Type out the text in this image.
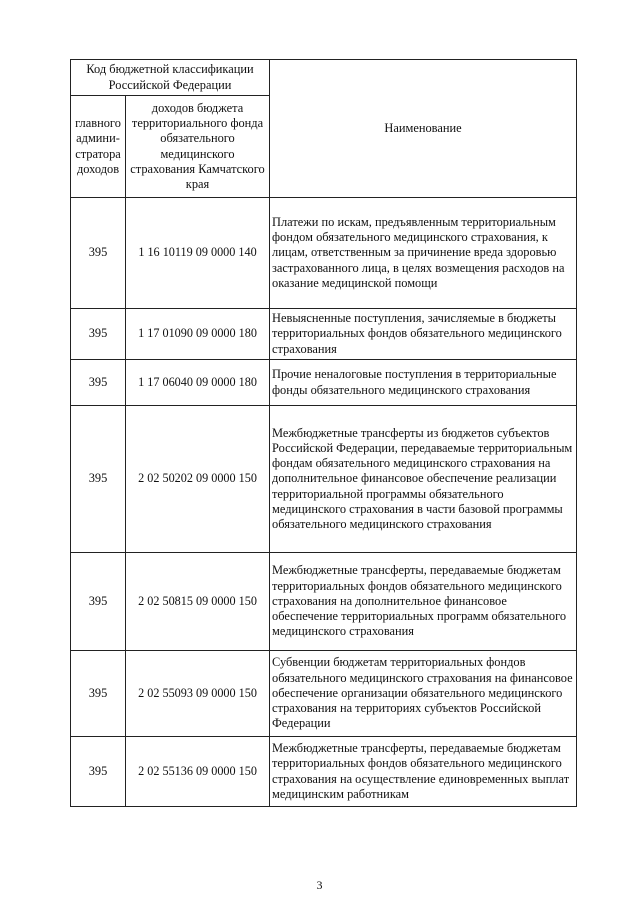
Код бюджетной классификации Российской Федерации		Наименование
главного админи-стратора доходов	доходов бюджета территориального фонда обязательного медицинского страхования Камчатского края	
395	1 16 10119 09 0000 140	Платежи по искам, предъявленным территориальным фондом обязательного медицинского страхования, к лицам, ответственным за причинение вреда здоровью застрахованного лица, в целях возмещения расходов на оказание медицинской помощи
395	1 17 01090 09 0000 180	Невыясненные поступления, зачисляемые в бюджеты территориальных фондов обязательного медицинского страхования
395	1 17 06040 09 0000 180	Прочие неналоговые поступления в территориальные фонды обязательного медицинского страхования
395	2 02 50202 09 0000 150	Межбюджетные трансферты из бюджетов субъектов Российской Федерации, передаваемые территориальным фондам обязательного медицинского страхования на дополнительное финансовое обеспечение реализации территориальной программы обязательного медицинского страхования в части базовой программы обязательного медицинского страхования
395	2 02 50815 09 0000 150	Межбюджетные трансферты, передаваемые бюджетам территориальных фондов обязательного медицинского страхования на дополнительное финансовое обеспечение территориальных программ обязательного медицинского страхования
395	2 02 55093 09 0000 150	Субвенции бюджетам территориальных фондов обязательного медицинского страхования на финансовое обеспечение организации обязательного медицинского страхования на территориях субъектов Российской Федерации
395	2 02 55136 09 0000 150	Межбюджетные трансферты, передаваемые бюджетам территориальных фондов обязательного медицинского страхования на осуществление единовременных выплат медицинским работникам
3
